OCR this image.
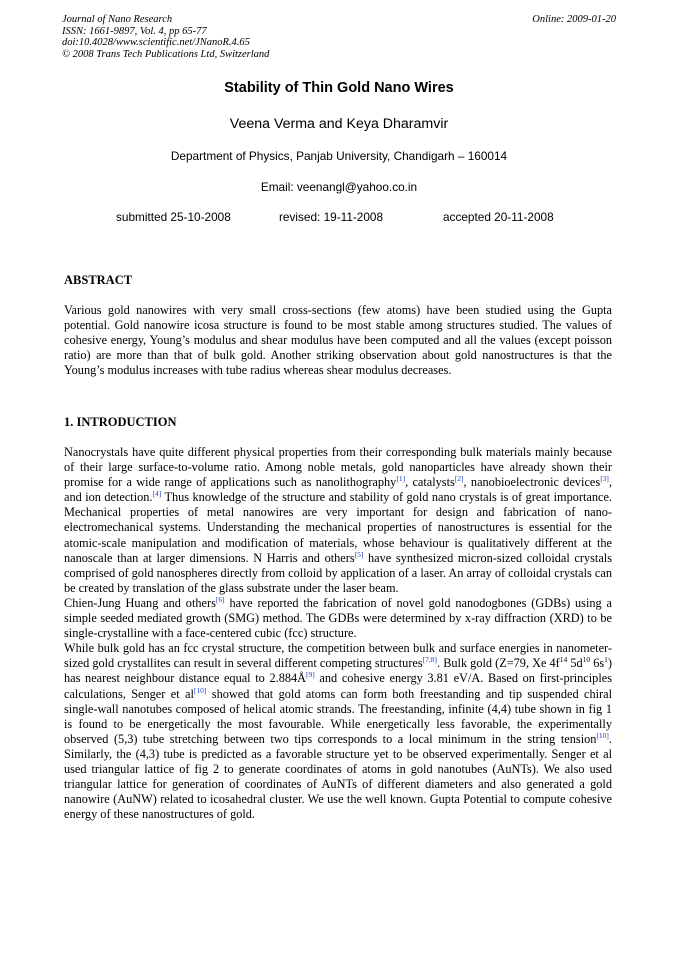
Journal of Nano Research
ISSN: 1661-9897, Vol. 4, pp 65-77
doi:10.4028/www.scientific.net/JNanoR.4.65
© 2008 Trans Tech Publications Ltd, Switzerland
Online: 2009-01-20
Stability of Thin Gold Nano Wires
Veena Verma and Keya Dharamvir
Department of Physics, Panjab University, Chandigarh – 160014
Email: veenangl@yahoo.co.in
submitted 25-10-2008	revised: 19-11-2008	accepted 20-11-2008
ABSTRACT
Various gold nanowires with very small cross-sections (few atoms) have been studied using the Gupta potential. Gold nanowire icosa structure is found to be most stable among structures studied. The values of cohesive energy, Young’s modulus and shear modulus have been computed and all the values (except poisson ratio) are more than that of bulk gold. Another striking observation about gold nanostructures is that the Young’s modulus increases with tube radius whereas shear modulus decreases.
1. INTRODUCTION

Nanocrystals have quite different physical properties from their corresponding bulk materials mainly because of their large surface-to-volume ratio. Among noble metals, gold nanoparticles have already shown their promise for a wide range of applications such as nanolithography[1], catalysts[2], nanobioelectronic devices[3], and ion detection.[4] Thus knowledge of the structure and stability of gold nano crystals is of great importance. Mechanical properties of metal nanowires are very important for design and fabrication of nano-electromechanical systems. Understanding the mechanical properties of nanostructures is essential for the atomic-scale manipulation and modification of materials, whose behaviour is qualitatively different at the nanoscale than at larger dimensions. N Harris and others[5] have synthesized micron-sized colloidal crystals comprised of gold nanospheres directly from colloid by application of a laser. An array of colloidal crystals can be created by translation of the glass substrate under the laser beam.

Chien-Jung Huang and others[6] have reported the fabrication of novel gold nanodogbones (GDBs) using a simple seeded mediated growth (SMG) method. The GDBs were determined by x-ray diffraction (XRD) to be single-crystalline with a face-centered cubic (fcc) structure.

While bulk gold has an fcc crystal structure, the competition between bulk and surface energies in nanometer-sized gold crystallites can result in several different competing structures[7,8]. Bulk gold (Z=79, Xe $4f^{14}$ $5d^{10}$ $6s^1$) has nearest neighbour distance equal to 2.884Å[9] and cohesive energy 3.81 eV/A. Based on first-principles calculations, Senger et al[10] showed that gold atoms can form both freestanding and tip suspended chiral single-wall nanotubes composed of helical atomic strands. The freestanding, infinite (4,4) tube shown in fig 1 is found to be energetically the most favourable. While energetically less favorable, the experimentally observed (5,3) tube stretching between two tips corresponds to a local minimum in the string tension[10]. Similarly, the (4,3) tube is predicted as a favorable structure yet to be observed experimentally. Senger et al used triangular lattice of fig 2 to generate coordinates of atoms in gold nanotubes (AuNTs). We also used triangular lattice for generation of coordinates of AuNTs of different diameters and also generated a gold nanowire (AuNW) related to icosahedral cluster. We use the well known. Gupta Potential to compute cohesive energy of these nanostructures of gold.
